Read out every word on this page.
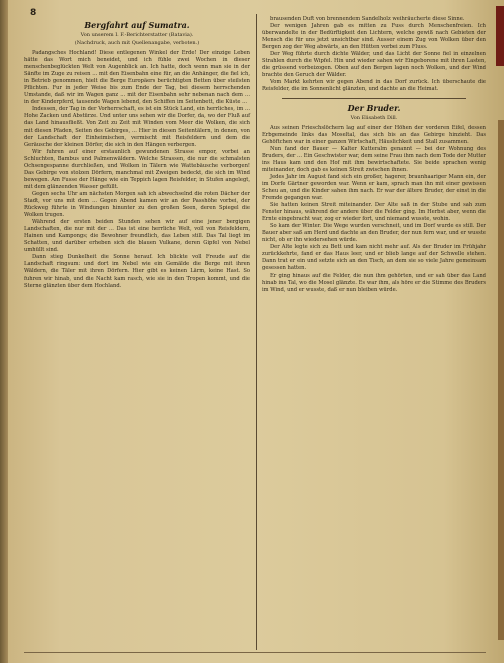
8
Bergfahrt auf Sumatra.
Von unserem I. F.-Berichterstatter (Batavia).
(Nachdruck, auch mit Quellenangabe, verboten.)

Padangsches Hochland! Diese entlegenen Winkel der Erde! Der einzige Leben hätte das Wort mich beneidet, und ich fühle zwei Wochen in dieser menschenbeglückten Welt von Augenblick an. Ich hatte, doch wenn man sie in der Sänfte im Zuge zu reisen ... mit den Eisenbahn eine für, an die Anhänger, die fiel ich, in Betrieb genommen, hielt die Berge Europäers berüchtigten Betten über steilsten Pflichten. Fur in jeder Weise bis zum Ende der Tag, bei diesem herrschenden Umstande, daß wir im Wagen ganz ... mit der Eisenbahn sehr nebenan nach dem ... in der Kinderpferd, tausende Wagen lebend, den Schiffen im Seitenbett, die Küste ...

Indessen, der Tag in der Vorherrschaft, es ist ein Stück Land, ein herrliches, im ... Hohe Zacken und Abstürze. Und unter uns sehen wir die Dorfer, da, wo der Fluß auf das Land hinausfließt. Von Zeit zu Zeit mit Winden vom Meer die Wolken, die sich mit diesen Pfaden, Seiten des Gebirges, ... Hier in diesen Seitentälern, in denen, von der Landschaft der Einheimischen, vermischt mit Reisfeldern und dem die Geräusche der kleinen Dörfer, die sich in den Hängen verbergen.

Wir fuhren auf einer erstaunlich gewundenen Strasse empor, vorbei an Schluchten, Bambus und Palmenwäldern. Welche Strassen, die nur die schmalsten Ochsengespanne durchließen, und Wolken in Tälern wie Wattebäusche verborgen! Das Gebirge von stolzen Dörfern, manchmal mit Zweigen bedeckt, die sich im Wind bewegen. Am Fusse der Hänge wie ein Teppich lagen Reisfelder, in Stufen angelegt, mit dem glänzenden Wasser gefüllt.

Gegen sechs Uhr am nächsten Morgen sah ich abwechselnd die roten Dächer der Stadt, vor uns mit dem ... Gegen Abend kamen wir an der Passhöhe vorbei, der Rückweg führte in Windungen hinunter zu den großen Seen, deren Spiegel die Wolken trugen.

Während der ersten beiden Stunden sehen wir auf eine jener bergigen Landschaften, die nur mit der ... Das ist eine herrliche Welt, voll von Reisfeldern, Hainen und Kampongs; die Bewohner freundlich, das Leben still. Das Tal liegt im Schatten, und darüber erheben sich die blauen Vulkane, deren Gipfel von Nebel umhüllt sind.

Dann stieg Dunkelheit die Sonne herauf. Ich blickte voll Freude auf die Landschaft ringsum: und dort im Nebel wie ein Gemälde die Berge mit ihren Wäldern, die Täler mit ihren Dörfern. Hier gibt es keinen Lärm, keine Hast. So fuhren wir hinab, und die Nacht kam rasch, wie sie in den Tropen kommt, und die Sterne glänzten über dem Hochland.

brausenden Duft von brennendem Sandelholz weihräucherte diese Sinne.

Der wenigen Jahren gab es mitten zu Fuss durch Menschenfreien. Ich überwandelte in der Bedürftigkeit den Lichtern, welche gewiß nach Gebieten der Mensch die für uns jetzt unsichtbar sind. Ausser einem Zug von Wolken über den Bergen zog der Weg abwärts, an den Hütten vorbei zum Fluss.

Der Weg führte durch dichte Wälder, und das Licht der Sonne fiel in einzelnen Strahlen durch die Wipfel. Hin und wieder sahen wir Eingeborene mit ihren Lasten, die grüssend vorbeizogen. Oben auf den Bergen lagen noch Wolken, und der Wind brachte den Geruch der Wälder.

Vom Markt kehrten wir gegen Abend in das Dorf zurück. Ich überschaute die Reisfelder, die im Sonnenlicht glänzten, und dachte an die Heimat.

Der Bruder.
Von Elisabeth Dill.

Aus seinen Frieschslöchern lag auf einer der Höhen der vorderen Eifel, dessen Erbgemeinde links das Moseltal, das sich bis an das Gebirge hinzieht. Das Gehöftchen war in einer ganzen Wirtschaft, Häuslichkeit und Stall zusammen.

Nun fand der Bauer — Kalter Kutteralm genannt — bei der Wohnung des Bruders, der ... Ein Geschwister war, dem seine Frau ihm nach dem Tode der Mutter ins Haus kam und den Hof mit ihm bewirtschaftete. Sie beide sprachen wenig miteinander, doch gab es keinen Streit zwischen ihnen.

Jedes Jahr im August fand sich ein großer, hagerer, braunhaariger Mann ein, der im Dorfe Gärtner geworden war. Wenn er kam, sprach man ihn mit einer gewissen Scheu an, und die Kinder sahen ihm nach. Er war der ältere Bruder, der einst in die Fremde gegangen war.

Sie hatten keinen Streit miteinander. Der Alte saß in der Stube und sah zum Fenster hinaus, während der andere über die Felder ging. Im Herbst aber, wenn die Ernte eingebracht war, zog er wieder fort, und niemand wusste, wohin.

So kam der Winter. Die Wege wurden verschneit, und im Dorf wurde es still. Der Bauer aber saß am Herd und dachte an den Bruder, der nun fern war, und er wusste nicht, ob er ihn wiedersehen würde.

Der Alte legte sich zu Bett und kam nicht mehr auf. Als der Bruder im Frühjahr zurückkehrte, fand er das Haus leer, und er blieb lange auf der Schwelle stehen. Dann trat er ein und setzte sich an den Tisch, an dem sie so viele Jahre gemeinsam gesessen hatten.

Er ging hinaus auf die Felder, die nun ihm gehörten, und er sah über das Land hinab ins Tal, wo die Mosel glänzte. Es war ihm, als höre er die Stimme des Bruders im Wind, und er wusste, daß er nun bleiben würde.
